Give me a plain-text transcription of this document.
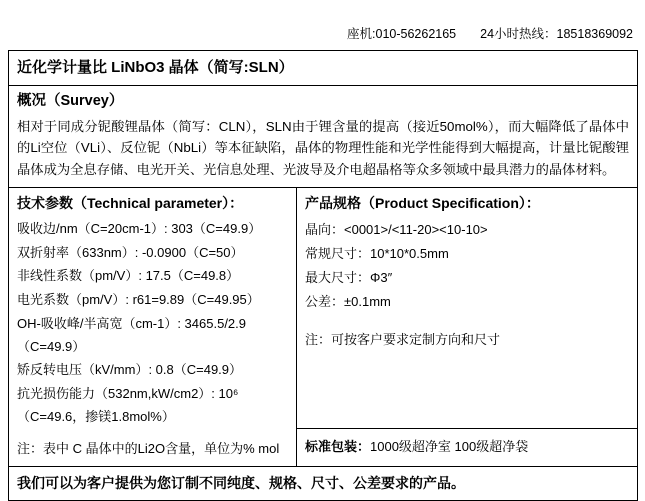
座机:010-56262165 24小时热线：18518369092
近化学计量比 LiNbO3 晶体（简写:SLN）
概况（Survey）
相对于同成分铌酸锂晶体（简写：CLN），SLN由于锂含量的提高（接近50mol%），而大幅降低了晶体中的Li空位（VLi）、反位铌（NbLi）等本征缺陷，晶体的物理性能和光学性能得到大幅提高，计量比铌酸锂晶体成为全息存储、电光开关、光信息处理、光波导及介电超晶格等众多领域中最具潜力的晶体材料。
技术参数（Technical parameter）：
吸收边/nm（C=20cm-1）: 303（C=49.9）
双折射率（633nm）: -0.0900（C=50）
非线性系数（pm/V）: 17.5（C=49.8）
电光系数（pm/V）: r61=9.89（C=49.95）
OH-吸收峰/半高宽（cm-1）: 3465.5/2.9（C=49.9）
矫反转电压（kV/mm）: 0.8（C=49.9）
抗光损伤能力（532nm,kW/cm2）: 10⁶（C=49.6，掺镁1.8mol%）
注：表中 C 晶体中的Li2O含量，单位为% mol
产品规格（Product Specification）：
晶向：<0001>/<11-20><10-10>
常规尺寸：10*10*0.5mm
最大尺寸：Φ3″
公差：±0.1mm
注：可按客户要求定制方向和尺寸
标准包装：1000级超净室 100级超净袋
我们可以为客户提供为您订制不同纯度、规格、尺寸、公差要求的产品。
